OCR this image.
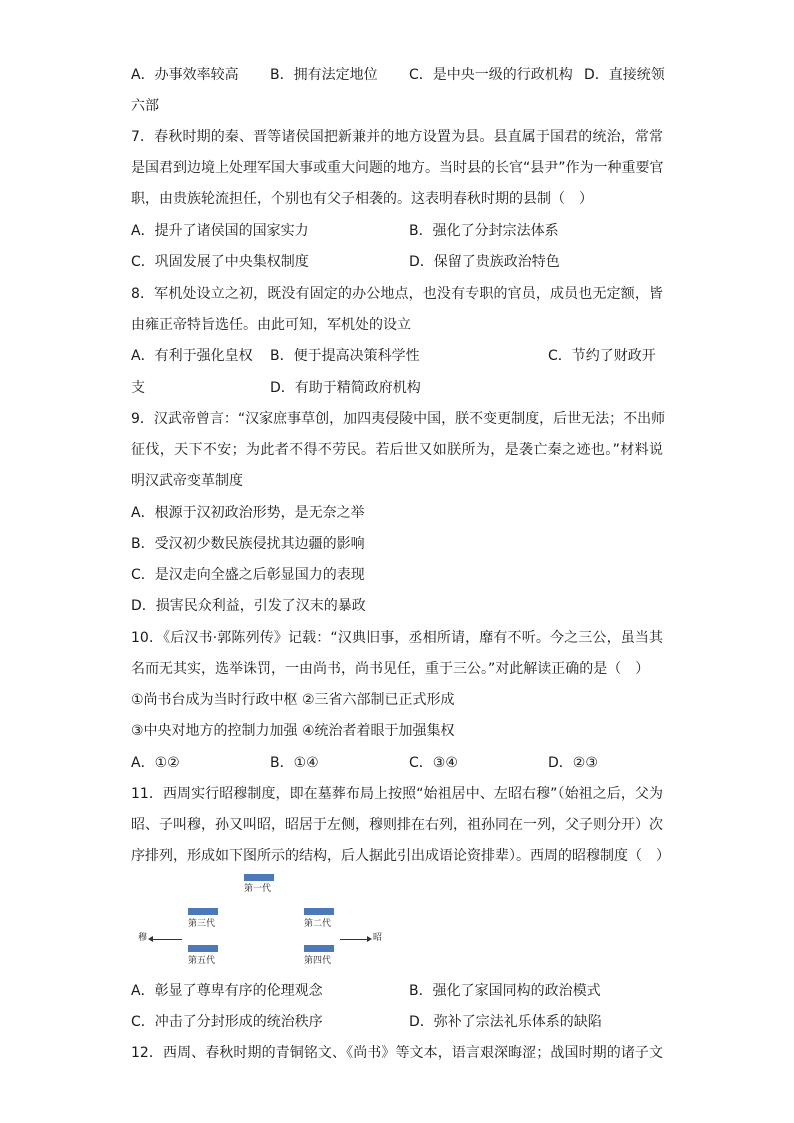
A．办事效率较高 B．拥有法定地位 C．是中央一级的行政机构 D．直接统领
六部
7．春秋时期的秦、晋等诸侯国把新兼并的地方设置为县。县直属于国君的统治，常常
是国君到边境上处理军国大事或重大问题的地方。当时县的长官“县尹”作为一种重要官
职，由贵族轮流担任，个别也有父子相袭的。这表明春秋时期的县制（　）
A．提升了诸侯国的国家实力	B．强化了分封宗法体系
C．巩固发展了中央集权制度	D．保留了贵族政治特色
8．军机处设立之初，既没有固定的办公地点，也没有专职的官员，成员也无定额，皆
由雍正帝特旨选任。由此可知，军机处的设立
A．有利于强化皇权 B．便于提高决策科学性	C．节约了财政开
支	D．有助于精简政府机构
9．汉武帝曾言：“汉家庶事草创，加四夷侵陵中国，朕不变更制度，后世无法；不出师
征伐，天下不安；为此者不得不劳民。若后世又如朕所为，是袭亡秦之迹也。”材料说
明汉武帝变革制度
A．根源于汉初政治形势，是无奈之举
B．受汉初少数民族侵扰其边疆的影响
C．是汉走向全盛之后彰显国力的表现
D．损害民众利益，引发了汉末的暴政
10．《后汉书·郭陈列传》记载：“汉典旧事，丞相所请，靡有不听。今之三公，虽当其
名而无其实，选举诛罚，一由尚书，尚书见任，重于三公。”对此解读正确的是（　）
①尚书台成为当时行政中枢 ②三省六部制已正式形成
③中央对地方的控制力加强 ④统治者着眼于加强集权
A．①②	B．①④	C．③④	D．②③
11．西周实行昭穆制度，即在墓葬布局上按照“始祖居中、左昭右穆”（始祖之后，父为
昭、子叫穆，孙又叫昭，昭居于左侧，穆则排在右列，祖孙同在一列，父子则分开）次
序排列，形成如下图所示的结构，后人据此引出成语论资排辈）。西周的昭穆制度（　）
第一代
第三代	第二代
穆	昭
第五代	第四代
A．彰显了尊卑有序的伦理观念	B．强化了家国同构的政治模式
C．冲击了分封形成的统治秩序	D．弥补了宗法礼乐体系的缺陷
12．西周、春秋时期的青铜铭文、《尚书》等文本，语言艰深晦涩；战国时期的诸子文
